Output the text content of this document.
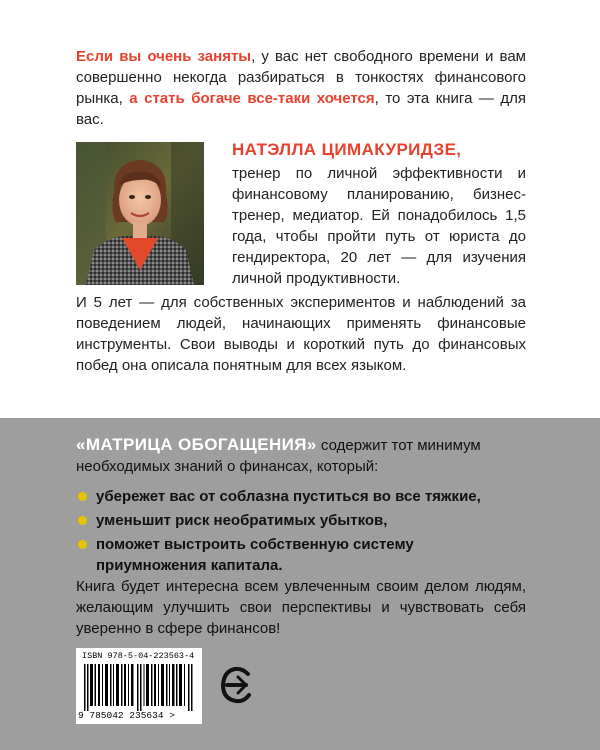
Если вы очень заняты, у вас нет свободного времени и вам совершенно некогда разбираться в тонкостях финансового рынка, а стать богаче все-таки хочется, то эта книга — для вас.

НАТЭЛЛА ЦИМАКУРИДЗЕ,

тренер по личной эффективности и финансовому планированию, бизнес-тренер, медиатор. Ей понадобилось 1,5 года, чтобы пройти путь от юриста до гендиректора, 20 лет — для изучения личной продуктивности.

И 5 лет — для собственных экспериментов и наблюдений за поведением людей, начинающих применять финансовые инструменты. Свои выводы и короткий путь до финансовых побед она описала понятным для всех языком.

«МАТРИЦА ОБОГАЩЕНИЯ» содержит тот минимум необходимых знаний о финансах, который:

убережет вас от соблазна пуститься во все тяжкие,
уменьшит риск необратимых убытков,
поможет выстроить собственную систему приумножения капитала.

Книга будет интересна всем увлеченным своим делом людям, желающим улучшить свои перспективы и чувствовать себя уверенно в сфере финансов!

ISBN 978-5-04-223563-4
9 785042 235634 >
